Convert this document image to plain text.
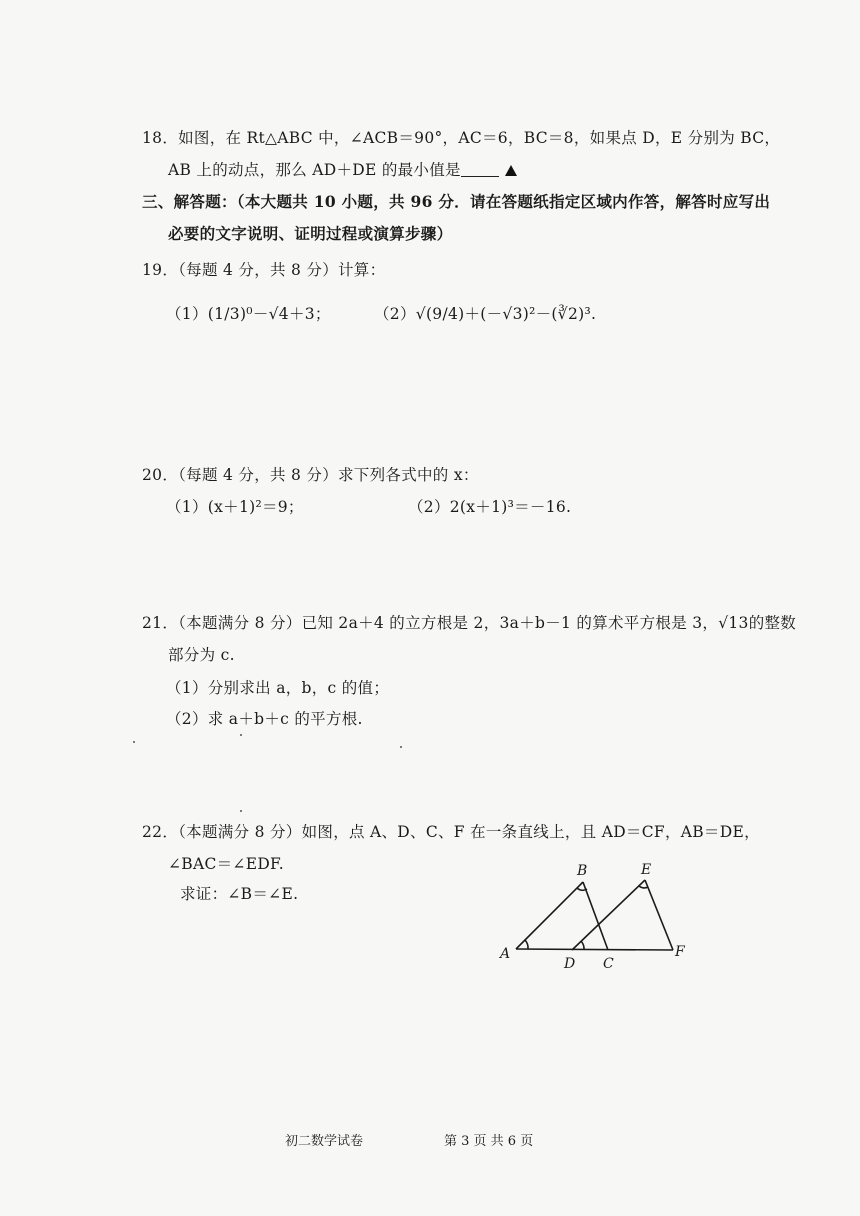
18．如图，在 Rt△ABC 中，∠ACB＝90°，AC＝6，BC＝8，如果点 D，E 分别为 BC，
AB 上的动点，那么 AD＋DE 的最小值是
三、解答题：（本大题共 10 小题，共 96 分．请在答题纸指定区域内作答，解答时应写出
必要的文字说明、证明过程或演算步骤）
19．（每题 4 分，共 8 分）计算：
（1）(1/3)⁰－√4＋3；	（2）√(9/4)＋(－√3)²－(∛2)³.
20．（每题 4 分，共 8 分）求下列各式中的 x：
（1）(x＋1)²＝9；	（2）2(x＋1)³＝－16.
21．（本题满分 8 分）已知 2a＋4 的立方根是 2，3a＋b－1 的算术平方根是 3，√13的整数
部分为 c.
（1）分别求出 a，b，c 的值；
（2）求 a＋b＋c 的平方根.
22．（本题满分 8 分）如图，点 A、D、C、F 在一条直线上，且 AD＝CF，AB＝DE，
∠BAC＝∠EDF.
求证：∠B＝∠E.
A
B
C
D
E
F
初二数学试卷	第 3 页 共 6 页
